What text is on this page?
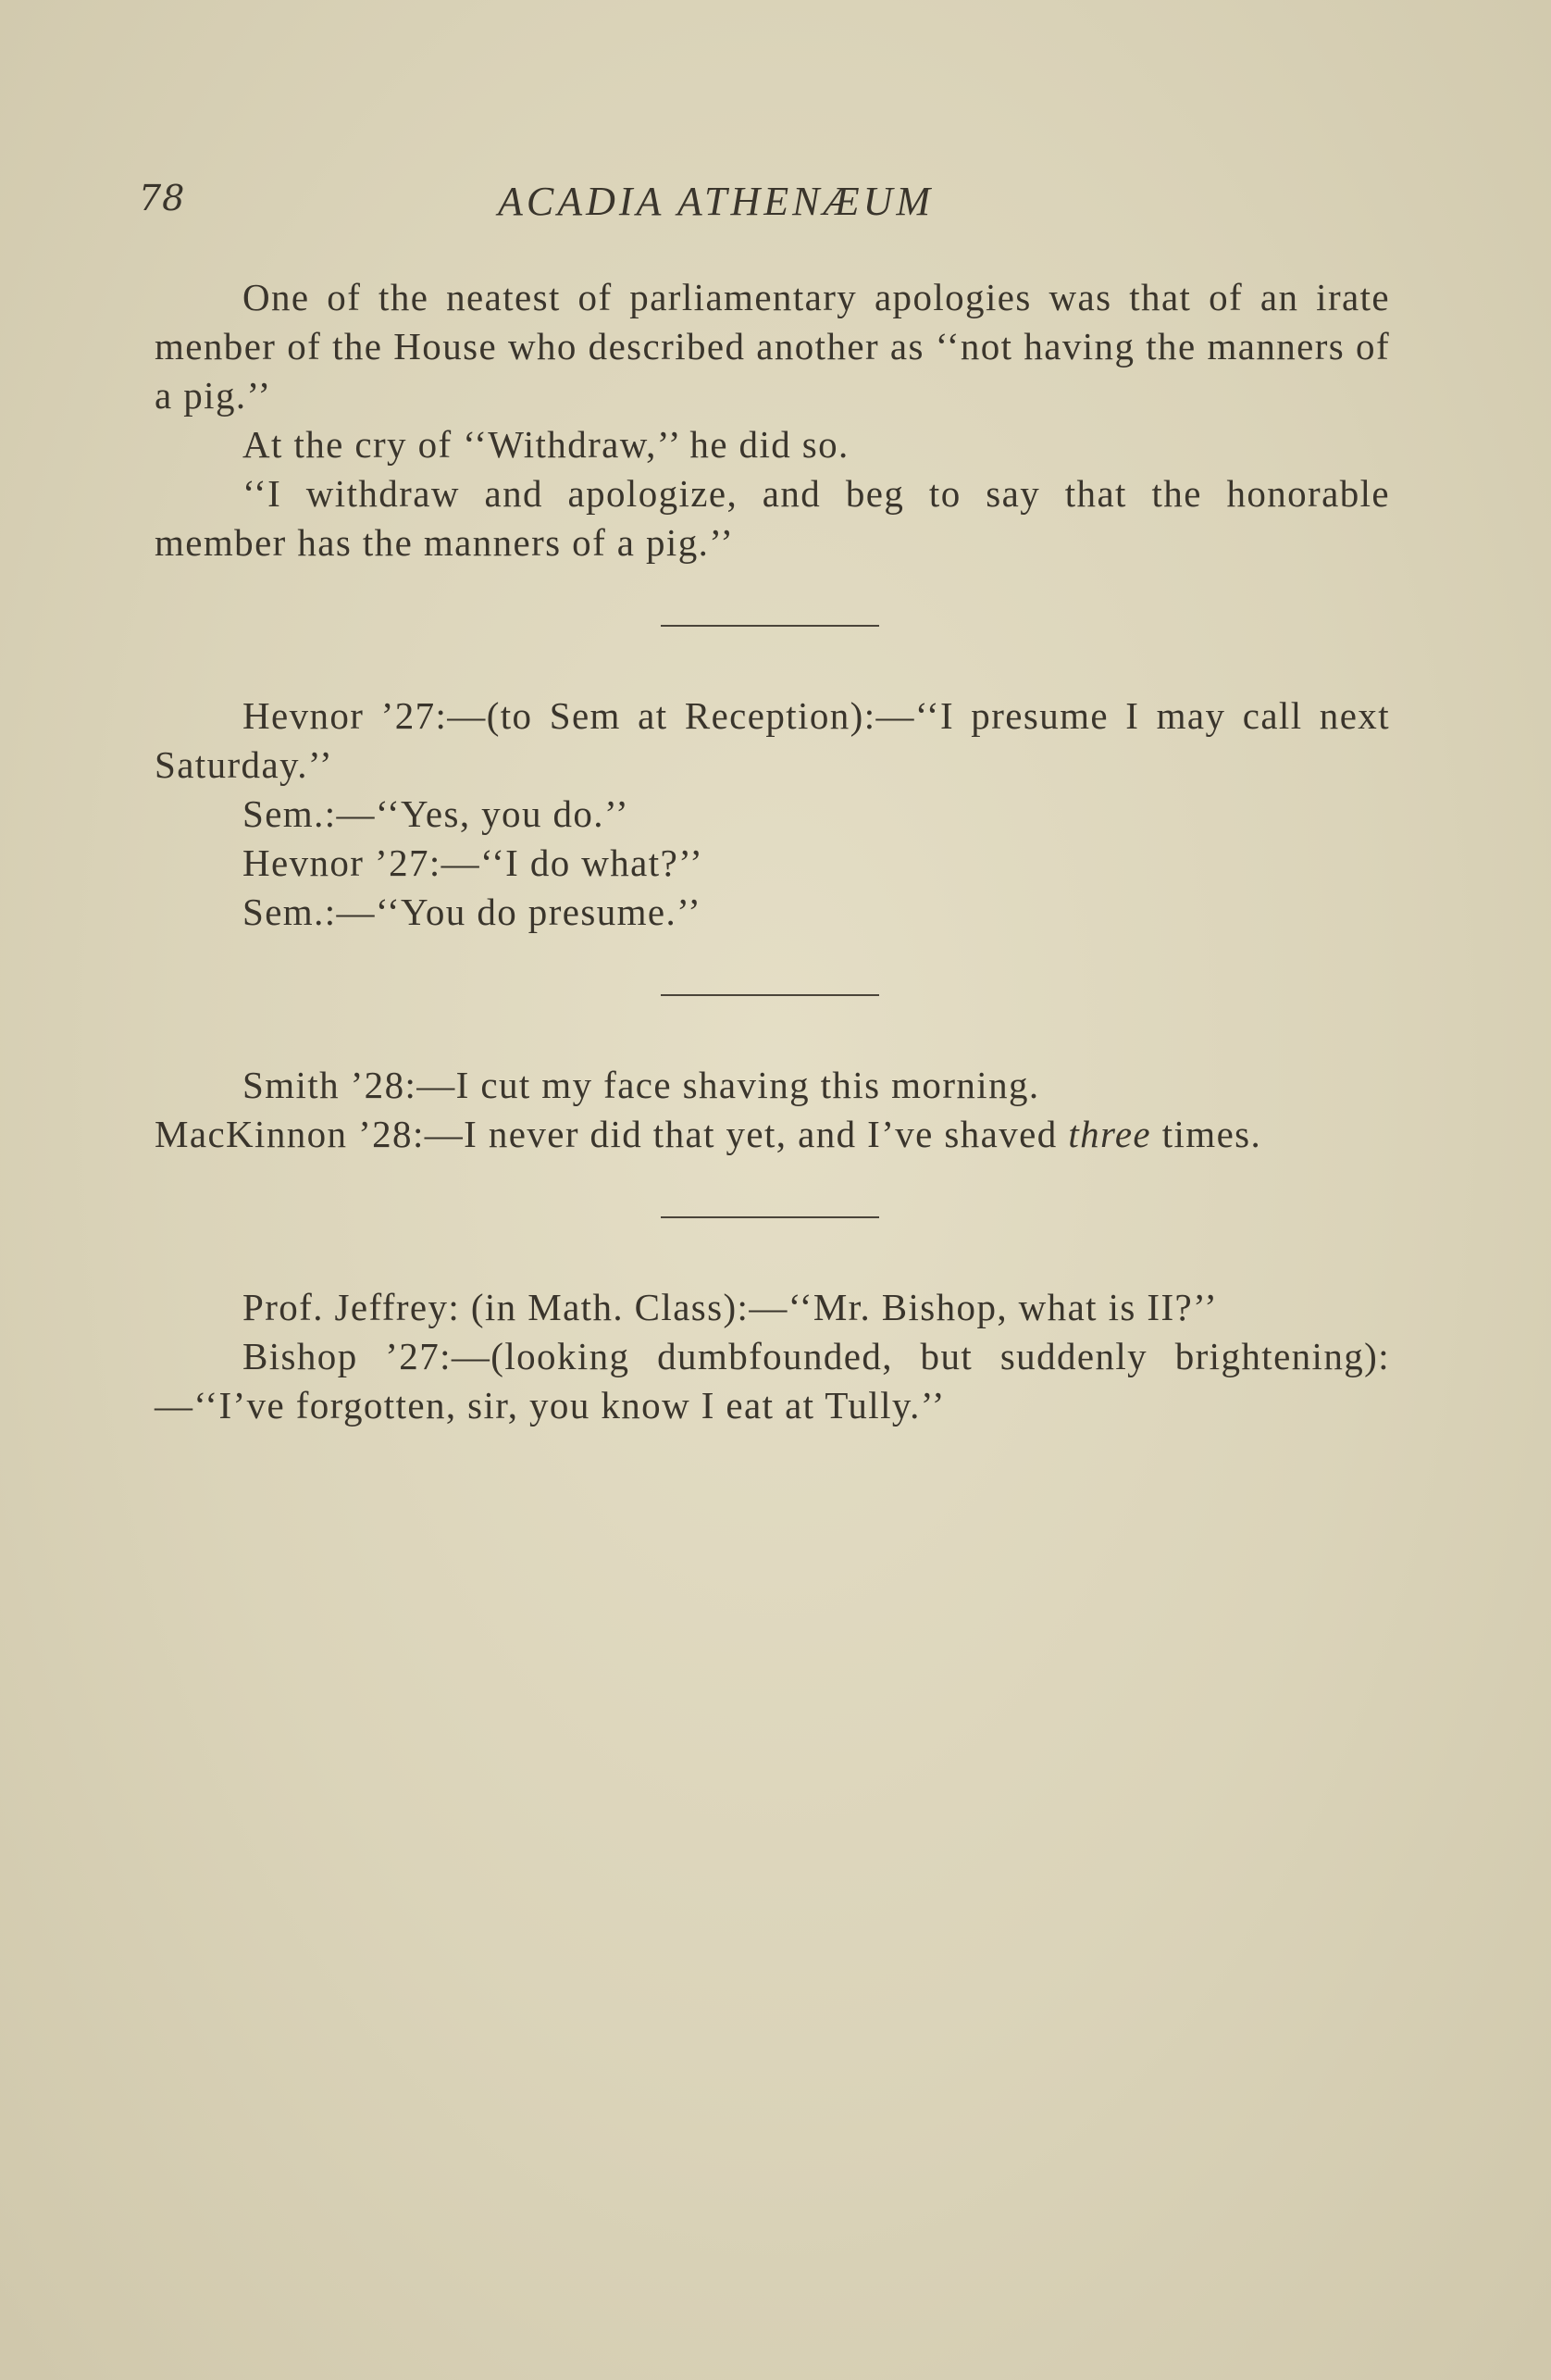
78	ACADIA ATHENÆUM

One of the neatest of parliamentary apologies was that of an irate menber of the House who described another as ‘‘not having the manners of a pig.’’

At the cry of ‘‘Withdraw,’’ he did so.

‘‘I withdraw and apologize, and beg to say that the honorable member has the manners of a pig.’’

Hevnor ’27:—(to Sem at Reception):—‘‘I presume I may call next Saturday.’’

Sem.:—‘‘Yes, you do.’’

Hevnor ’27:—‘‘I do what?’’

Sem.:—‘‘You do presume.’’

Smith ’28:—I cut my face shaving this morning.

MacKinnon ’28:—I never did that yet, and I’ve shaved three times.

Prof. Jeffrey: (in Math. Class):—‘‘Mr. Bishop, what is II?’’

Bishop ’27:—(looking dumbfounded, but suddenly brightening):—‘‘I’ve forgotten, sir, you know I eat at Tully.’’
